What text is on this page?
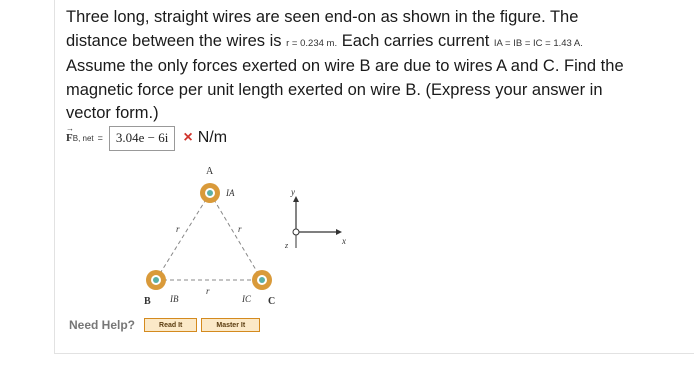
Three long, straight wires are seen end-on as shown in the figure. The
distance between the wires is r = 0.234 m. Each carries current IA = IB = IC = 1.43 A.
Assume the only forces exerted on wire B are due to wires A and C. Find the
magnetic force per unit length exerted on wire B. (Express your answer in
vector form.)
→ F B, net =	3.04e − 6i × N/m
A
B	C
IA
IB	IC
r	r
r
x
y
z
Need Help?	Read It	Master It
